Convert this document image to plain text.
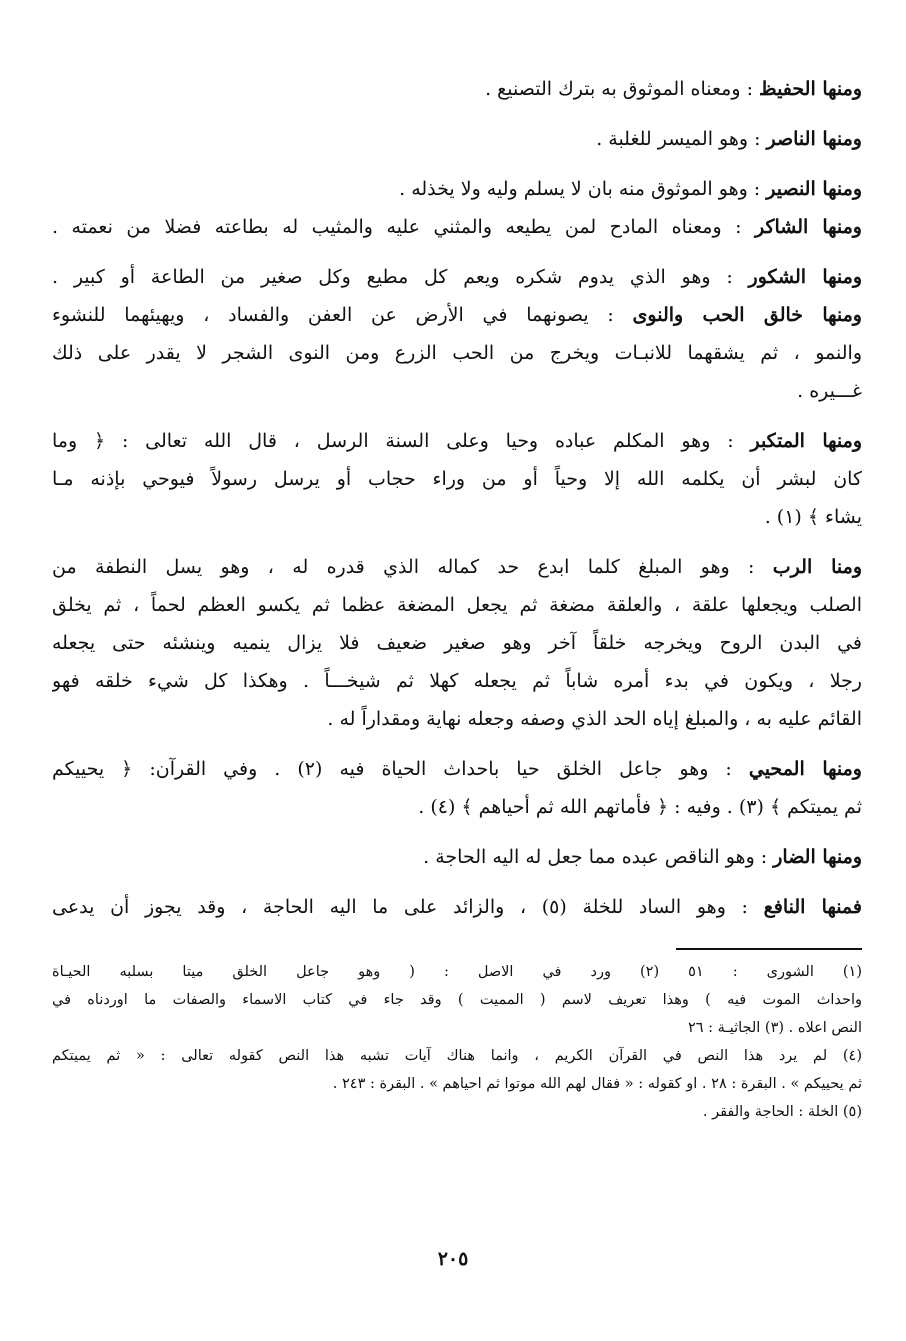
ومنها الحفيظ : ومعناه الموثوق به بترك التصنيع .
ومنها الناصر : وهو الميسر للغلبة .
ومنها النصير : وهو الموثوق منه بان لا يسلم وليه ولا يخذله .
ومنها الشاكر : ومعناه المادح لمن يطيعه والمثني عليه والمثيب له بطاعته فضلا من نعمته .
ومنها الشكور : وهو الذي يدوم شكره ويعم كل مطيع وكل صغير من الطاعة أو كبير .
ومنها خالق الحب والنوى : يصونهما في الأرض عن العفن والفساد ، ويهيئهما للنشوء
والنمو ، ثم يشقهما للانبـات ويخرج من الحب الزرع ومن النوى الشجر لا يقدر على ذلك
غـــيره .
ومنها المتكبر : وهو المكلم عباده وحيا وعلى السنة الرسل ، قال الله تعالى : ﴿ وما
كان لبشر أن يكلمه الله إلا وحياً أو من وراء حجاب أو يرسل رسولاً فيوحي بإذنه مـا
يشاء ﴾ (١) .
ومنا الرب : وهو المبلغ كلما ابدع حد كماله الذي قدره له ، وهو يسل النطفة من
الصلب ويجعلها علقة ، والعلقة مضغة ثم يجعل المضغة عظما ثم يكسو العظم لحماً ، ثم يخلق
في البدن الروح ويخرجه خلقاً آخر وهو صغير ضعيف فلا يزال ينميه وينشئه حتى يجعله
رجلا ، ويكون في بدء أمره شاباً ثم يجعله كهلا ثم شيخـــاً . وهكذا كل شيء خلقه فهو
القائم عليه به ، والمبلغ إياه الحد الذي وصفه وجعله نهاية ومقداراً له .
ومنها المحيي : وهو جاعل الخلق حيا باحداث الحياة فيه (٢) . وفي القرآن: ﴿ يحييكم
ثم يميتكم ﴾ (٣) . وفيه : ﴿ فأماتهم الله ثم أحياهم ﴾ (٤) .
ومنها الضار : وهو الناقص عبده مما جعل له اليه الحاجة .
فمنها النافع : وهو الساد للخلة (٥) ، والزائد على ما اليه الحاجة ، وقد يجوز أن يدعى
(١) الشورى : ٥١ (٢) ورد في الاصل : ( وهو جاعل الخلق ميتا بسلبه الحيـاة
واحداث الموت فيه ) وهذا تعريف لاسم ( المميت ) وقد جاء في كتاب الاسماء والصفات ما اوردناه في
النص اعلاه . (٣) الجاثيـة : ٢٦
(٤) لم يرد هذا النص في القرآن الكريم ، وانما هناك آيات تشبه هذا النص كقوله تعالى : « ثم يميتكم
ثم يحييكم » . البقرة : ٢٨ . او كقوله : « فقال لهم الله موتوا ثم احياهم » . البقرة : ٢٤٣ .
(٥) الخلة : الحاجة والفقر .
٢٠٥
